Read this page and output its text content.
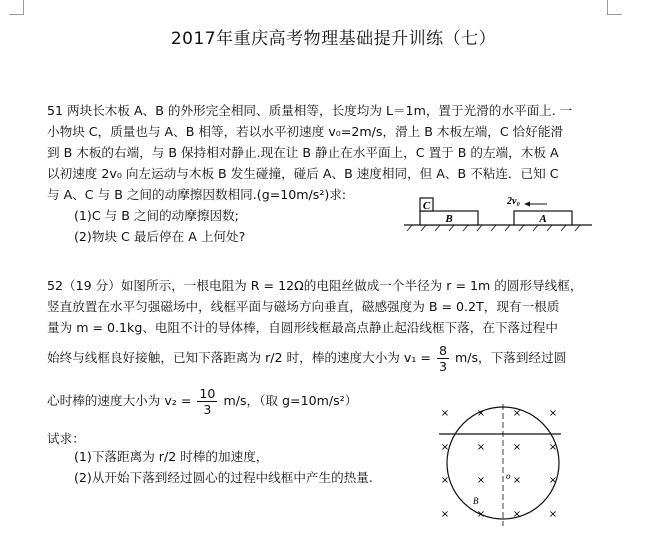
2017年重庆高考物理基础提升训练（七）
51 两块长木板 A、B 的外形完全相同、质量相等，长度均为 L＝1m，置于光滑的水平面上. 一
小物块 C，质量也与 A、B 相等，若以水平初速度 v₀=2m/s，滑上 B 木板左端，C 恰好能滑
到 B 木板的右端，与 B 保持相对静止.现在让 B 静止在水平面上，C 置于 B 的左端，木板 A
以初速度 2v₀ 向左运动与木板 B 发生碰撞，碰后 A、B 速度相同，但 A、B 不粘连．已知 C
与 A、C 与 B 之间的动摩擦因数相同.(g=10m/s²)求:
(1)C 与 B 之间的动摩擦因数;
(2)物块 C 最后停在 A 上何处?
C
B	A
2v₀
52（19 分）如图所示，一根电阻为 R = 12Ω的电阻丝做成一个半径为 r = 1m 的圆形导线框，
竖直放置在水平匀强磁场中，线框平面与磁场方向垂直，磁感强度为 B = 0.2T，现有一根质
量为 m = 0.1kg、电阻不计的导体棒，自圆形线框最高点静止起沿线框下落，在下落过程中
始终与线框良好接触，已知下落距离为 r/2 时，棒的速度大小为 $v_1 = \frac{8}{3} m/s$，下落到经过圆
心时棒的速度大小为 $v_2 = \frac{10}{3} m/s$，（取 g=10m/s²）
试求：
(1)下落距离为 r/2 时棒的加速度，
(2)从开始下落到经过圆心的过程中线框中产生的热量.
×	×	×	×
×	×	×	×
×	×	×	×
×	×	×	×
o
B
